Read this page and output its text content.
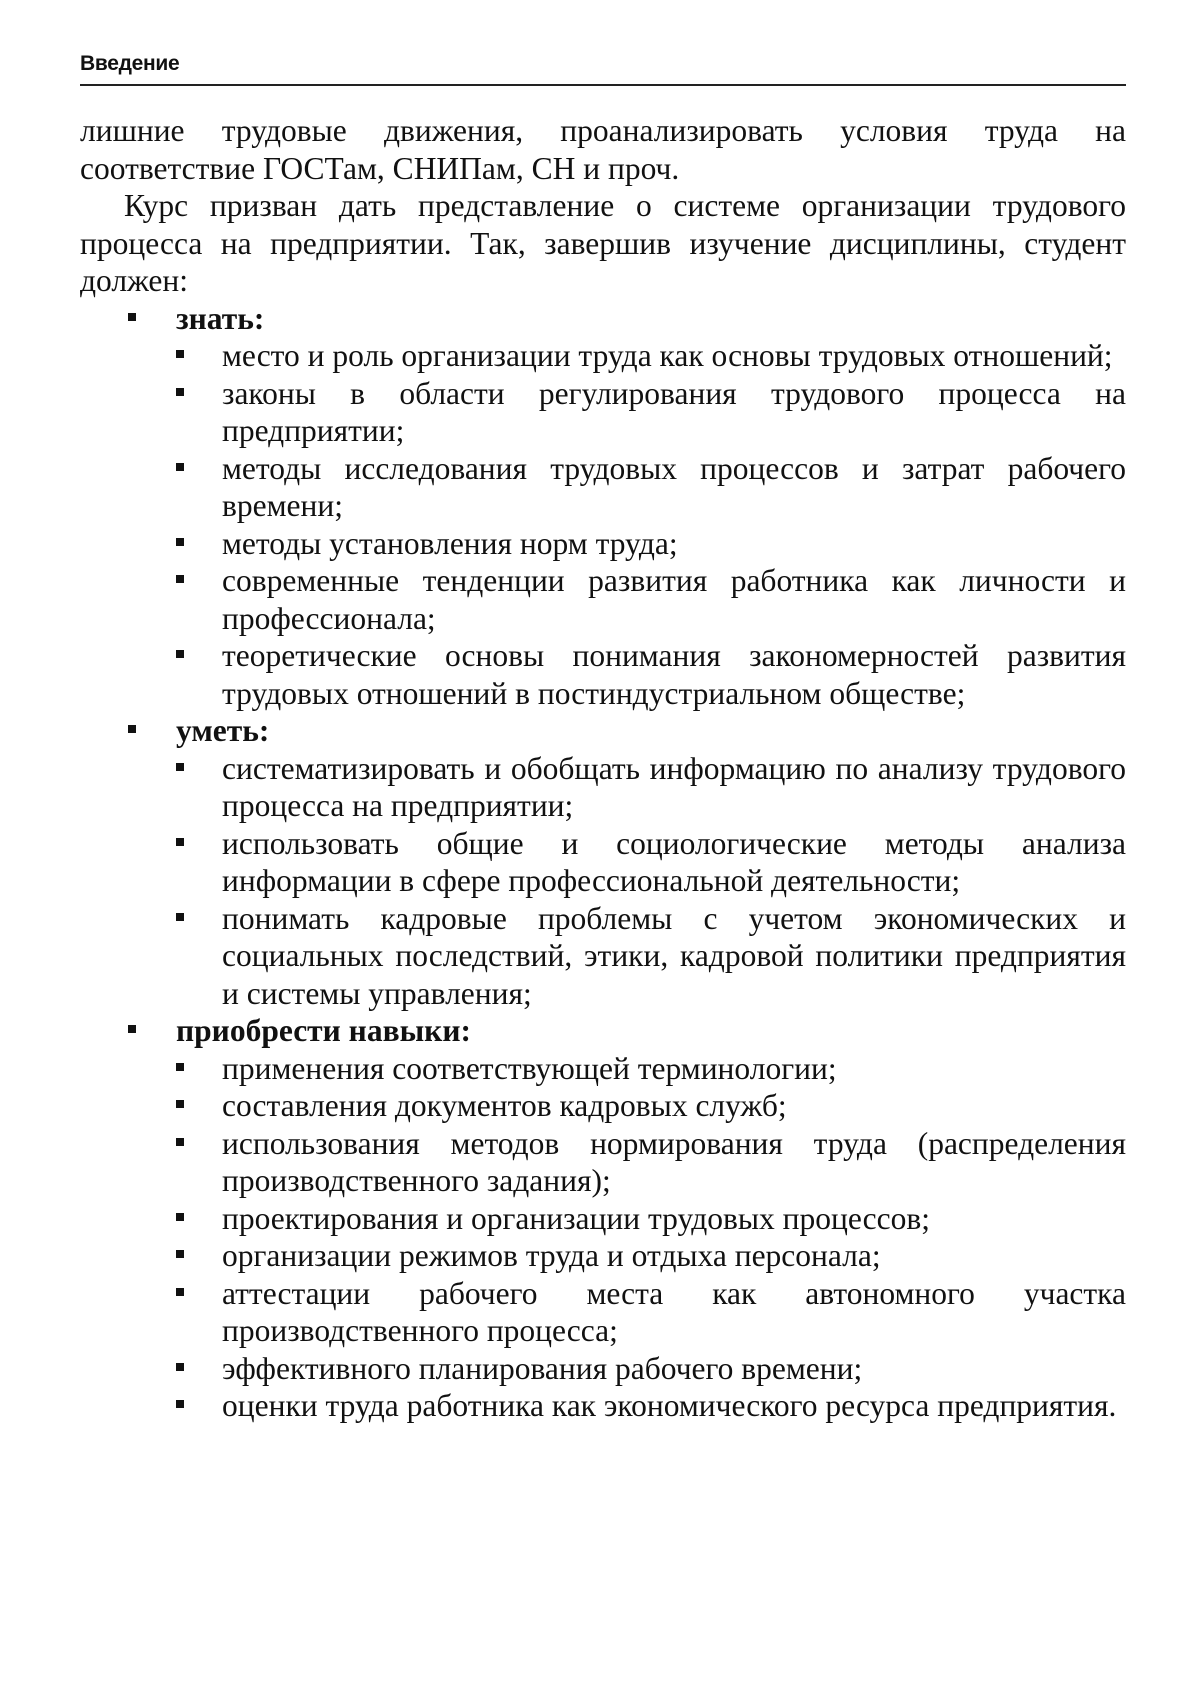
Введение

лишние трудовые движения, проанализировать условия труда на соответствие ГОСТам, СНИПам, СН и проч.

Курс призван дать представление о системе организации трудового процесса на предприятии. Так, завершив изучение дисциплины, студент должен:

знать:
место и роль организации труда как основы трудовых отношений;
законы в области регулирования трудового процесса на предприятии;
методы исследования трудовых процессов и затрат рабочего времени;
методы установления норм труда;
современные тенденции развития работника как личности и профессионала;
теоретические основы понимания закономерностей развития трудовых отношений в постиндустриальном обществе;
уметь:
систематизировать и обобщать информацию по анализу трудового процесса на предприятии;
использовать общие и социологические методы анализа информации в сфере профессиональной деятельности;
понимать кадровые проблемы с учетом экономических и социальных последствий, этики, кадровой политики предприятия и системы управления;
приобрести навыки:
применения соответствующей терминологии;
составления документов кадровых служб;
использования методов нормирования труда (распределения производственного задания);
проектирования и организации трудовых процессов;
организации режимов труда и отдыха персонала;
аттестации рабочего места как автономного участка производственного процесса;
эффективного планирования рабочего времени;
оценки труда работника как экономического ресурса предприятия.
